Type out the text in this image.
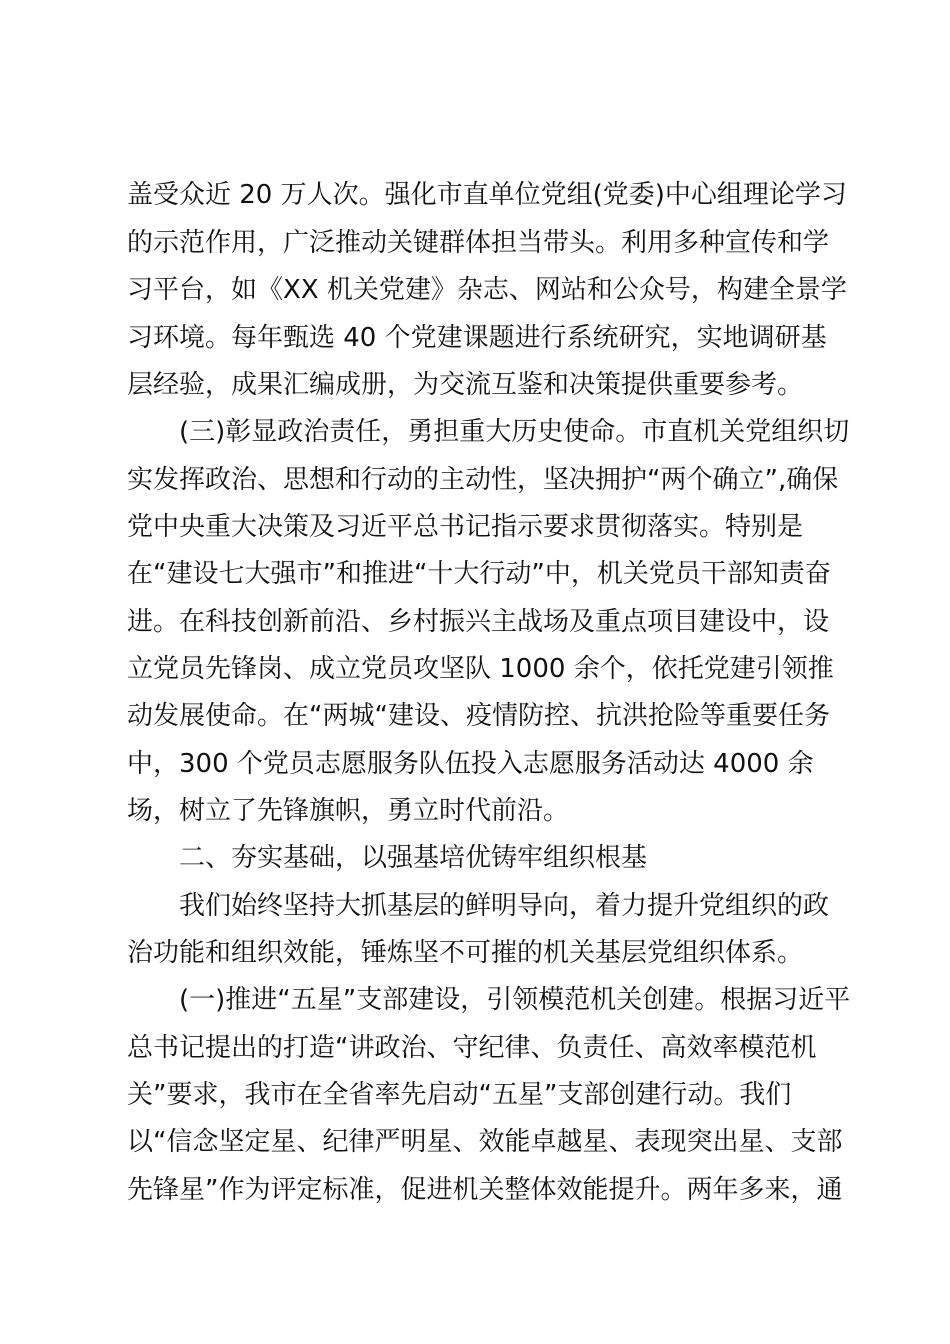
盖受众近 20 万人次。强化市直单位党组(党委)中心组理论学习
的示范作用，广泛推动关键群体担当带头。利用多种宣传和学
习平台，如《XX 机关党建》杂志、网站和公众号，构建全景学
习环境。每年甄选 40 个党建课题进行系统研究，实地调研基
层经验，成果汇编成册，为交流互鉴和决策提供重要参考。
(三)彰显政治责任，勇担重大历史使命。市直机关党组织切
实发挥政治、思想和行动的主动性，坚决拥护“两个确立”,确保
党中央重大决策及习近平总书记指示要求贯彻落实。特别是
在“建设七大强市”和推进“十大行动”中，机关党员干部知责奋
进。在科技创新前沿、乡村振兴主战场及重点项目建设中，设
立党员先锋岗、成立党员攻坚队 1000 余个，依托党建引领推
动发展使命。在“两城“建设、疫情防控、抗洪抢险等重要任务
中，300 个党员志愿服务队伍投入志愿服务活动达 4000 余
场，树立了先锋旗帜，勇立时代前沿。
二、夯实基础，以强基培优铸牢组织根基
我们始终坚持大抓基层的鲜明导向，着力提升党组织的政
治功能和组织效能，锤炼坚不可摧的机关基层党组织体系。
(一)推进“五星”支部建设，引领模范机关创建。根据习近平
总书记提出的打造“讲政治、守纪律、负责任、高效率模范机
关”要求，我市在全省率先启动“五星”支部创建行动。我们
以“信念坚定星、纪律严明星、效能卓越星、表现突出星、支部
先锋星”作为评定标准，促进机关整体效能提升。两年多来，通
